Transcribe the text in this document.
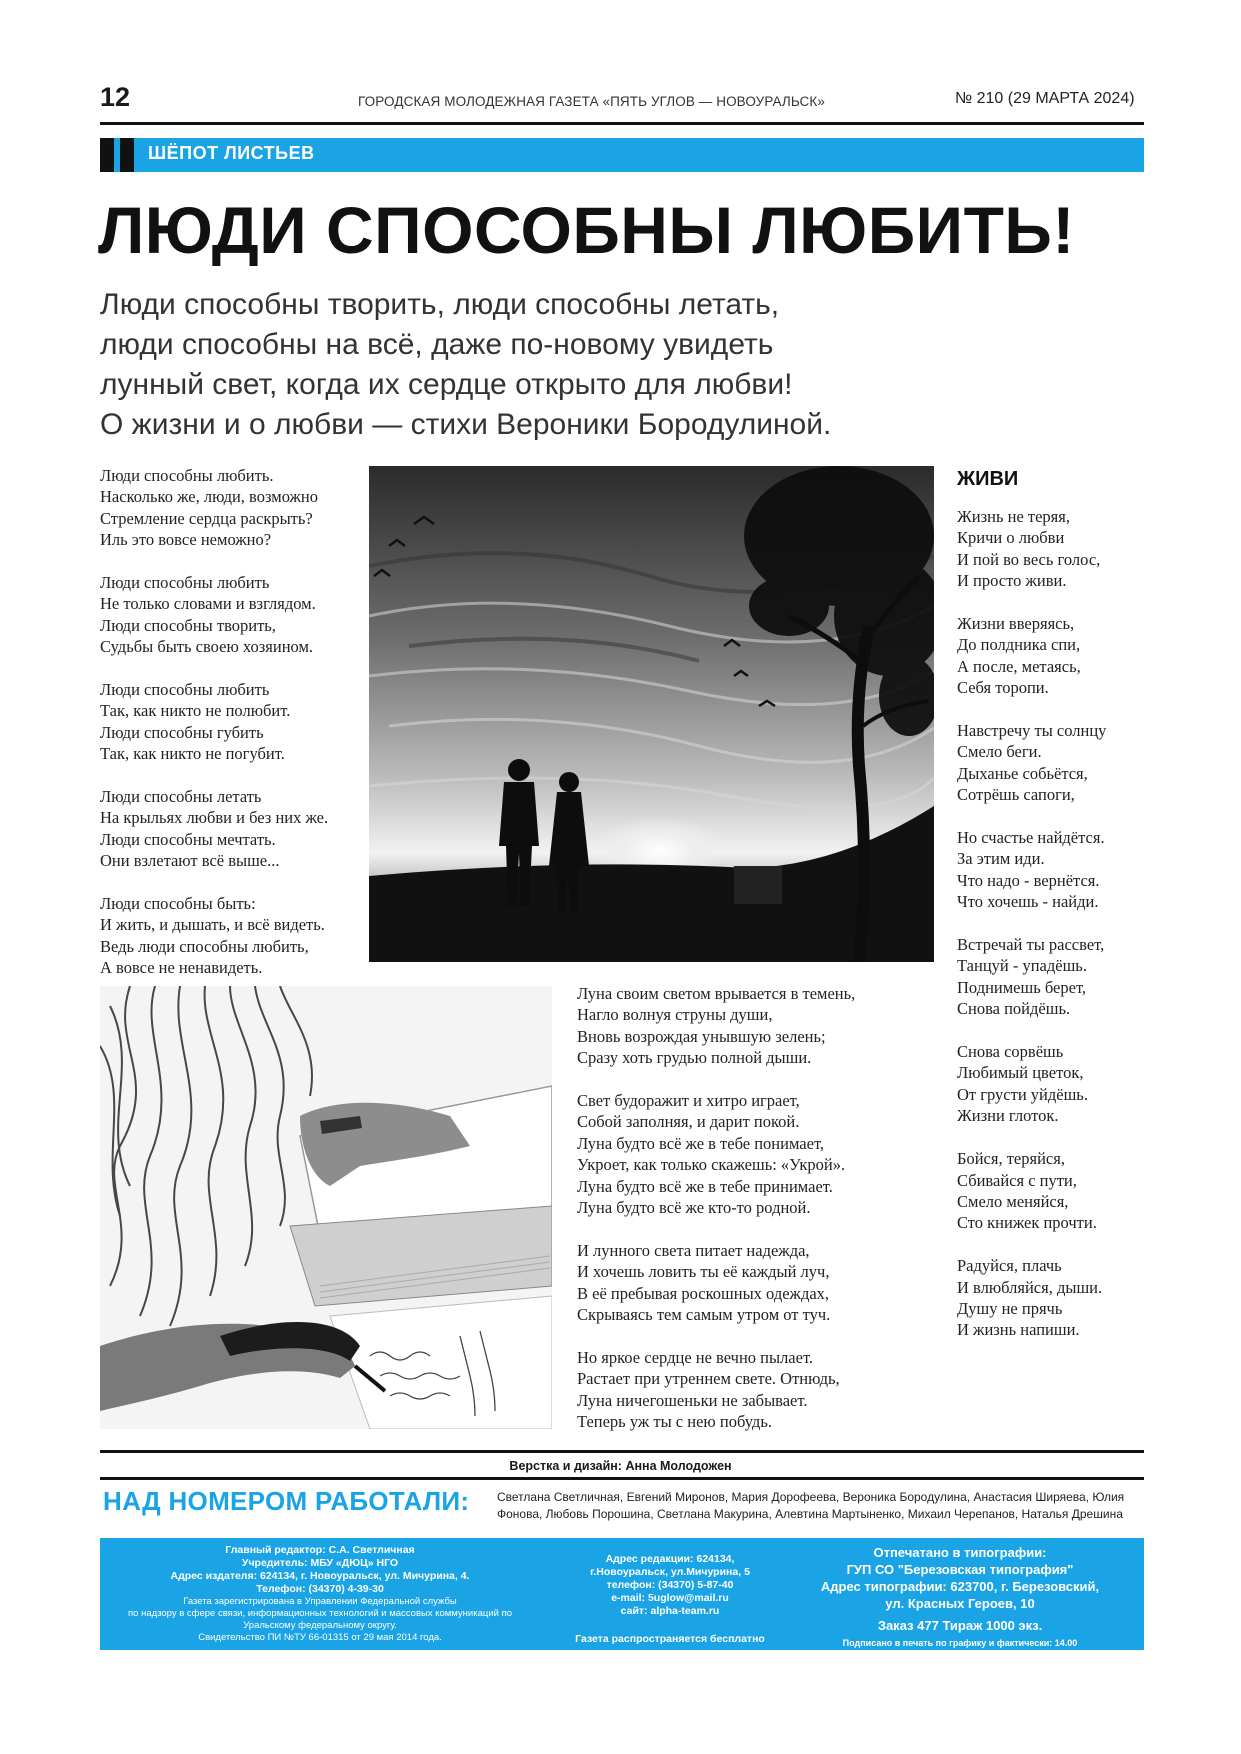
12	ГОРОДСКАЯ МОЛОДЕЖНАЯ ГАЗЕТА «ПЯТЬ УГЛОВ — НОВОУРАЛЬСК»	№ 210 (29 МАРТА 2024)
ШЁПОТ ЛИСТЬЕВ
ЛЮДИ СПОСОБНЫ ЛЮБИТЬ!
Люди способны творить, люди способны летать,
люди способны на всё, даже по-новому увидеть
лунный свет, когда их сердце открыто для любви!
О жизни и о любви — стихи Вероники Бородулиной.
Люди способны любить.
Насколько же, люди, возможно
Стремление сердца раскрыть?
Иль это вовсе неможно?
Люди способны любить
Не только словами и взглядом.
Люди способны творить,
Судьбы быть своею хозяином.
Люди способны любить
Так, как никто не полюбит.
Люди способны губить
Так, как никто не погубит.
Люди способны летать
На крыльях любви и без них же.
Люди способны мечтать.
Они взлетают всё выше...
Люди способны быть:
И жить, и дышать, и всё видеть.
Ведь люди способны любить,
А вовсе не ненавидеть.
ЖИВИ
Жизнь не теряя,
Кричи о любви
И пой во весь голос,
И просто живи.
Жизни вверяясь,
До полдника спи,
А после, метаясь,
Себя торопи.
Навстречу ты солнцу
Смело беги.
Дыханье собьётся,
Сотрёшь сапоги,
Но счастье найдётся.
За этим иди.
Что надо - вернётся.
Что хочешь - найди.
Встречай ты рассвет,
Танцуй - упадёшь.
Поднимешь берет,
Снова пойдёшь.
Снова сорвёшь
Любимый цветок,
От грусти уйдёшь.
Жизни глоток.
Бойся, теряйся,
Сбивайся с пути,
Смело меняйся,
Сто книжек прочти.
Радуйся, плачь
И влюбляйся, дыши.
Душу не прячь
И жизнь напиши.
Луна своим светом врывается в темень,
Нагло волнуя струны души,
Вновь возрождая унывшую зелень;
Сразу хоть грудью полной дыши.
Свет будоражит и хитро играет,
Собой заполняя, и дарит покой.
Луна будто всё же в тебе понимает,
Укроет, как только скажешь: «Укрой».
Луна будто всё же в тебе принимает.
Луна будто всё же кто-то родной.
И лунного света питает надежда,
И хочешь ловить ты её каждый луч,
В её пребывая роскошных одеждах,
Скрываясь тем самым утром от туч.
Но яркое сердце не вечно пылает.
Растает при утреннем свете. Отнюдь,
Луна ничегошеньки не забывает.
Теперь уж ты с нею побудь.
Верстка и дизайн: Анна Молодожен
НАД НОМЕРОМ РАБОТАЛИ: Светлана Светличная, Евгений Миронов, Мария Дорофеева, Вероника Бородулина, Анастасия Ширяева, Юлия
Фонова, Любовь Порошина, Светлана Макурина, Алевтина Мартыненко, Михаил Черепанов, Наталья Дрешина
Главный редактор: С.А. Светличная
Учредитель: МБУ «ДЮЦ» НГО
Адрес издателя: 624134, г. Новоуральск, ул. Мичурина, 4.
Телефон: (34370) 4-39-30
Газета зарегистрирована в Управлении Федеральной службы
по надзору в сфере связи, информационных технологий и массовых коммуникаций по
Уральскому федеральному округу.
Свидетельство ПИ №ТУ 66-01315 от 29 мая 2014 года.
Адрес редакции: 624134,
г.Новоуральск, ул.Мичурина, 5
телефон: (34370) 5-87-40
e-mail: 5uglow@mail.ru
сайт: alpha-team.ru
Газета распространяется бесплатно
Отпечатано в типографии:
ГУП СО "Березовская типография"
Адрес типографии: 623700, г. Березовский,
ул. Красных Героев, 10
Заказ 477 Тираж 1000 экз.
Подписано в печать по графику и фактически: 14.00
